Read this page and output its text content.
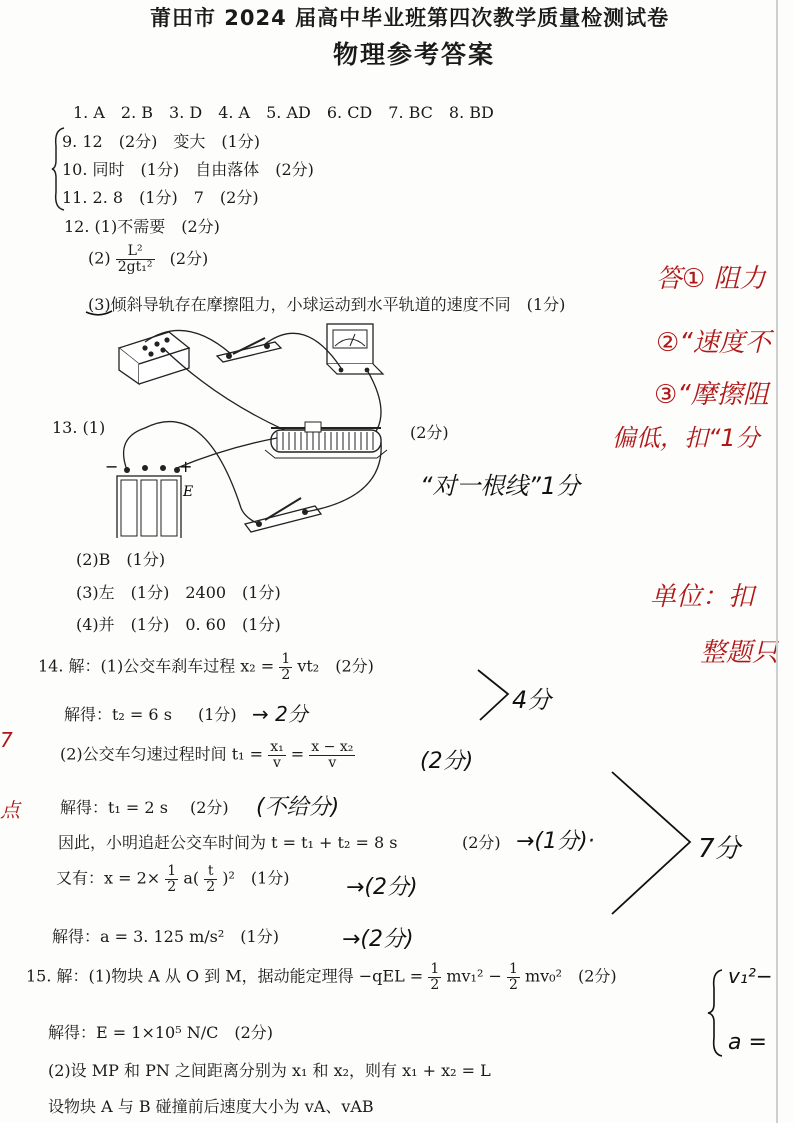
莆田市 2024 届高中毕业班第四次教学质量检测试卷
物理参考答案
7
点
1. A　2. B　3. D　4. A　5. AD　6. CD　7. BC　8. BD
9. 12　(2分)　变大　(1分)
10. 同时　(1分)　自由落体　(2分)
11. 2. 8　(1分)　7　(2分)
12. (1)不需要　(2分)
$(2) \frac{\text{L²}}{\text{2gt₁²}} (2$分)
(3)倾斜导轨存在摩擦阻力，小球运动到水平轨道的速度不同　(1分)
−	+
E
13. (1)	(2分)
(2)B　(1分)
(3)左　(1分)　2400　(1分)
(4)并　(1分)　0. 60　(1分)
14. 解：(1)公交车刹车过程 $x_2 = \frac{1}{2} vt_2$　(2分)
解得：t₂ = 6 s (1分)
(2)公交车匀速过程时间 $t_1 = \frac{\text{x₁}}{v} = \frac{\text{x − x₂}}{v}$
解得：t₁ = 2 s (2分)
因此，小明追赶公交车时间为 t = t₁ + t₂ = 8 s	(2分)
又有：$x = 2\times \frac{1}{2} a( \frac{t}{2} )^2$　(1分)
解得：a = 3. 125 m/s²　(1分)
15. 解：(1)物块 A 从 O 到 M，据动能定理得 $-qEL = \frac{1}{2} mv_1^2 - \frac{1}{2} mv_0^2$　(2分)
解得：E = 1×10⁵ N/C　(2分)
(2)设 MP 和 PN 之间距离分别为 x₁ 和 x₂，则有 x₁ + x₂ = L
设物块 A 与 B 碰撞前后速度大小为 vA、vAB
答① 阻力
②“速度不
③“摩擦阻
偏低，扣“1分
单位：扣
整题只
“对一根线”1分
4分
→ 2分
(2分)
(不给分)
→(1分)·	7分
→(2分)
→(2分)
v₁²−
a =
